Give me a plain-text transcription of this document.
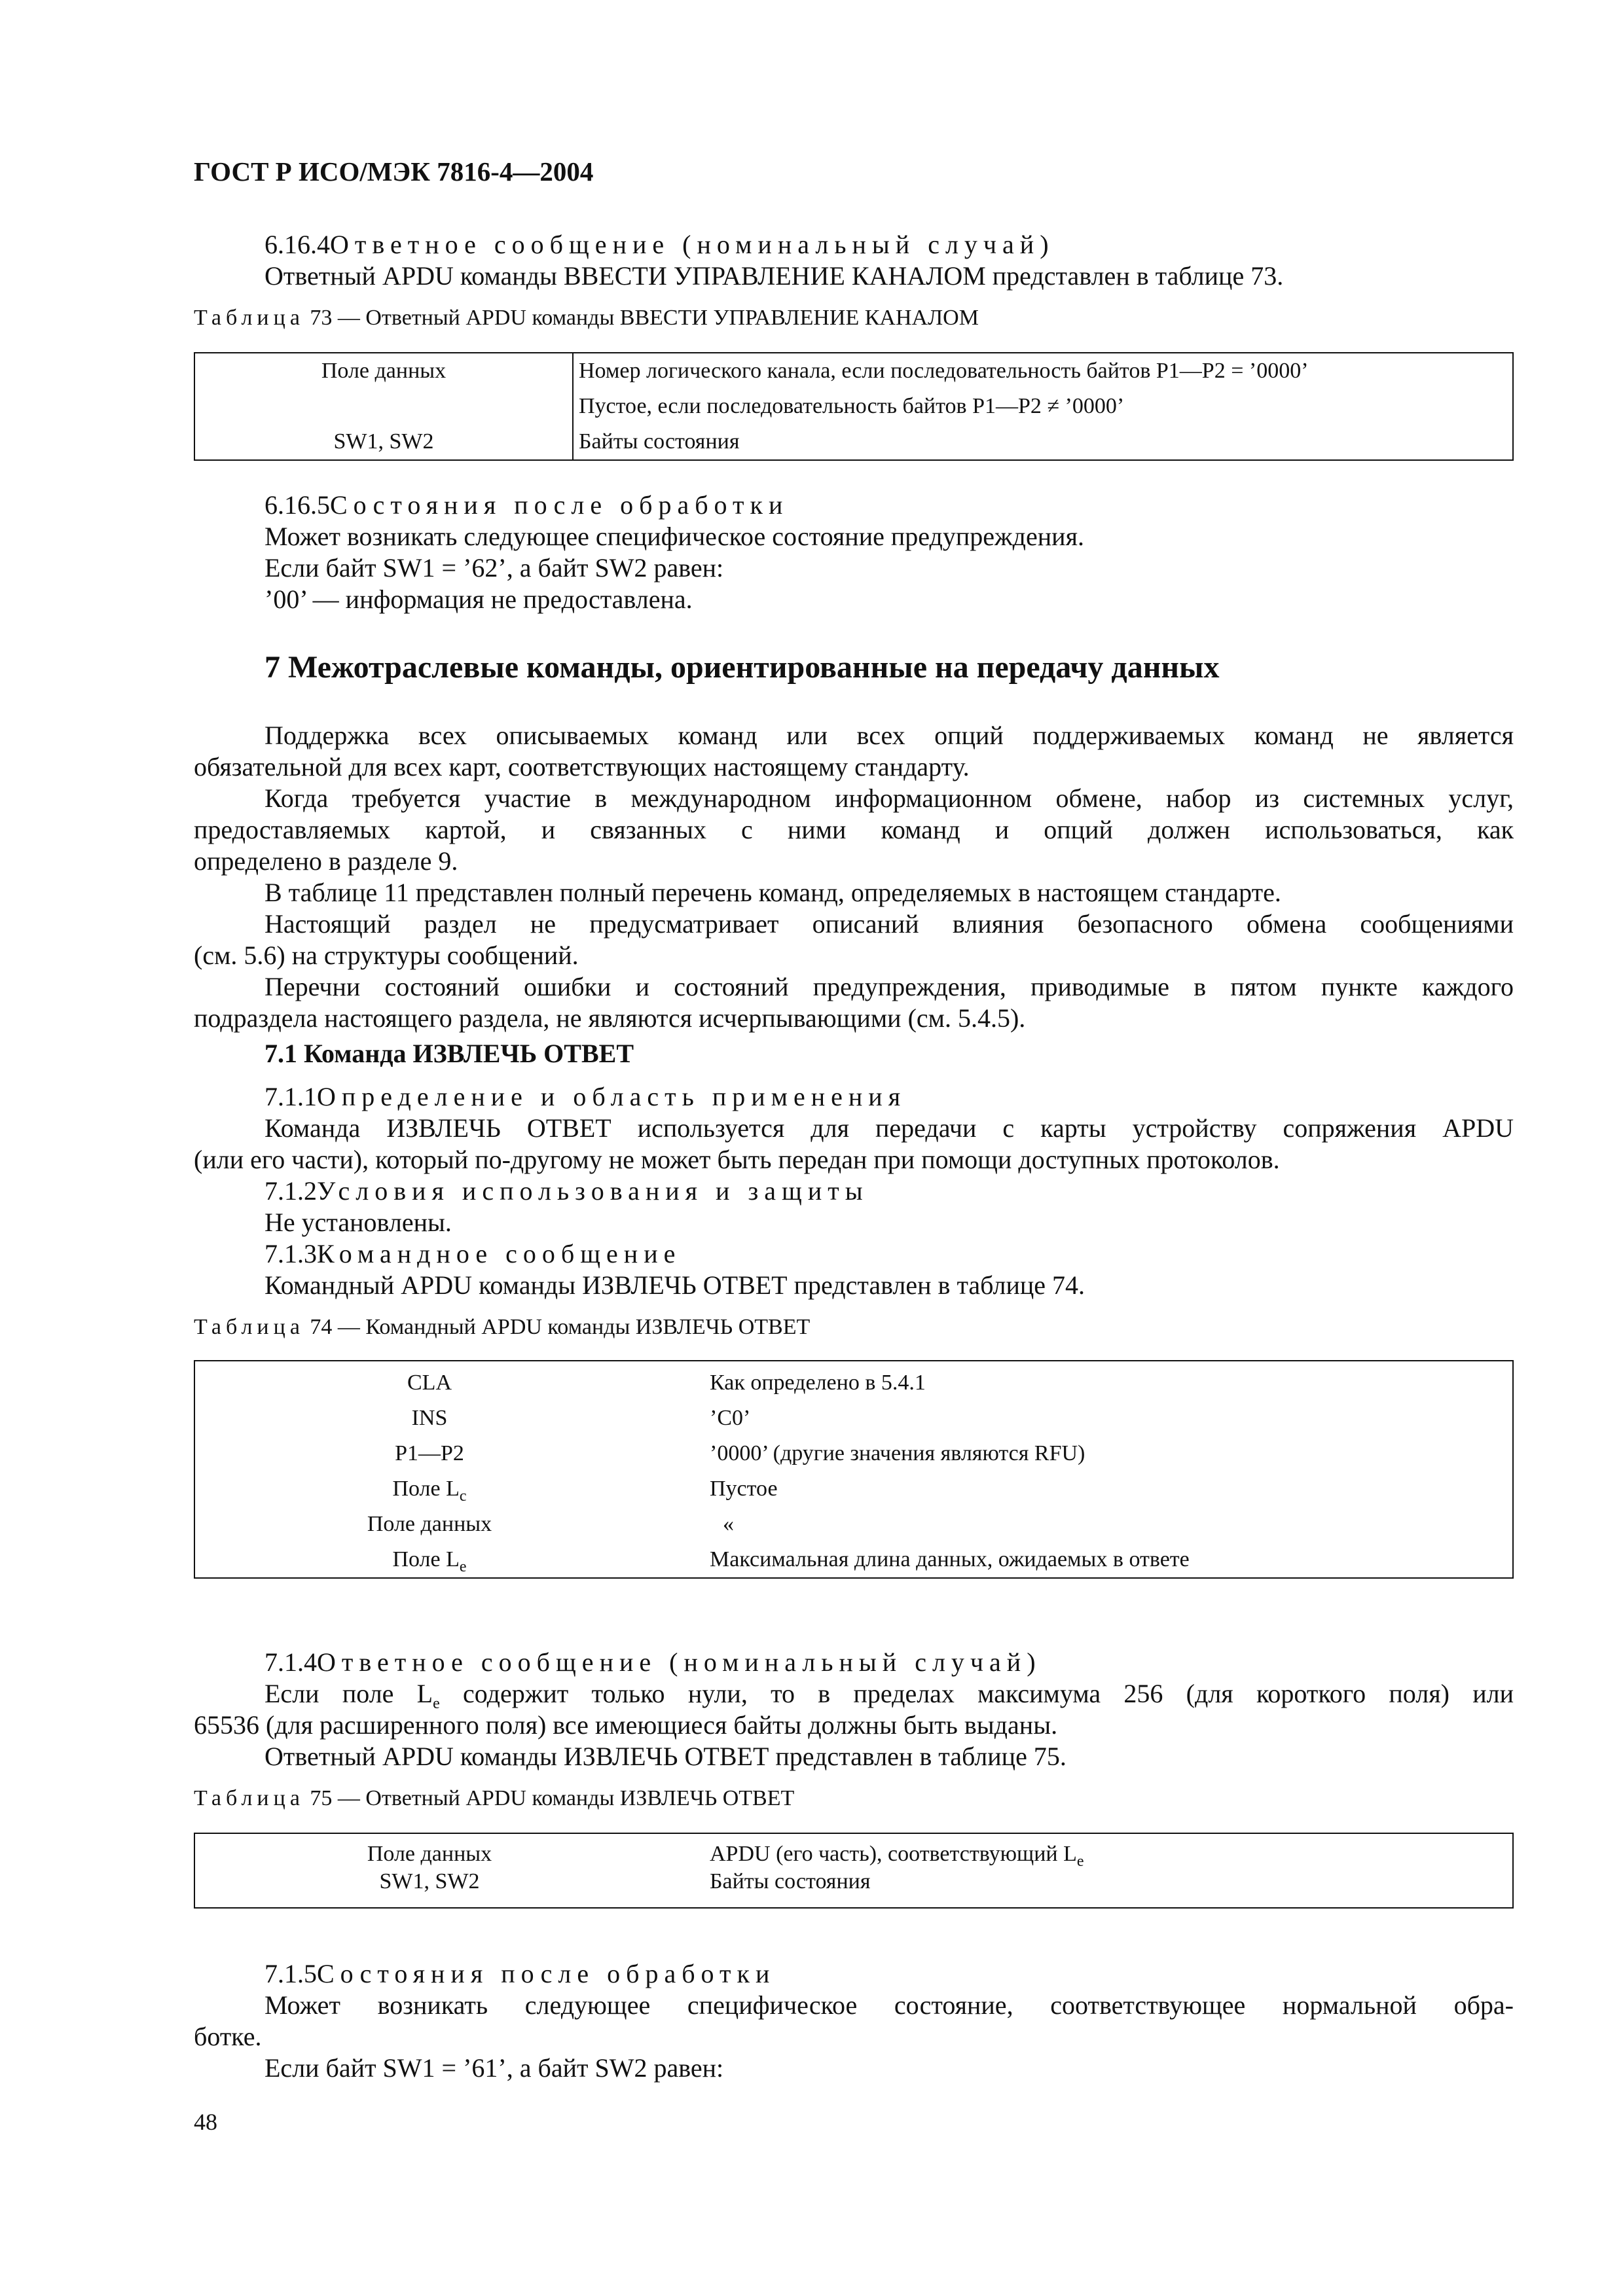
ГОСТ Р ИСО/МЭК 7816-4—2004
6.16.4Ответное сообщение (номинальный случай)
Ответный APDU команды ВВЕСТИ УПРАВЛЕНИЕ КАНАЛОМ представлен в таблице 73.
Таблица 73 — Ответный APDU команды ВВЕСТИ УПРАВЛЕНИЕ КАНАЛОМ
Поле данных	Номер логического канала, если последовательность байтов Р1—Р2 = ’0000’
	Пустое, если последовательность байтов Р1—Р2 ≠ ’0000’
SW1, SW2	Байты состояния
6.16.5Состояния после обработки
Может возникать следующее специфическое состояние предупреждения.
Если байт SW1 = ’62’, а байт SW2 равен:
’00’ — информация не предоставлена.
7 Межотраслевые команды, ориентированные на передачу данных
Поддержка всех описываемых команд или всех опций поддерживаемых команд не является
обязательной для всех карт, соответствующих настоящему стандарту.
Когда требуется участие в международном информационном обмене, набор из системных услуг,
предоставляемых картой, и связанных с ними команд и опций должен использоваться, как
определено в разделе 9.
В таблице 11 представлен полный перечень команд, определяемых в настоящем стандарте.
Настоящий раздел не предусматривает описаний влияния безопасного обмена сообщениями
(см. 5.6) на структуры сообщений.
Перечни состояний ошибки и состояний предупреждения, приводимые в пятом пункте каждого
подраздела настоящего раздела, не являются исчерпывающими (см. 5.4.5).
7.1 Команда ИЗВЛЕЧЬ ОТВЕТ
7.1.1Определение и область применения
Команда ИЗВЛЕЧЬ ОТВЕТ используется для передачи с карты устройству сопряжения APDU
(или его части), который по-другому не может быть передан при помощи доступных протоколов.
7.1.2Условия использования и защиты
Не установлены.
7.1.3Командное сообщение
Командный APDU команды ИЗВЛЕЧЬ ОТВЕТ представлен в таблице 74.
Таблица 74 — Командный APDU команды ИЗВЛЕЧЬ ОТВЕТ
CLA	Как определено в 5.4.1
INS	’C0’
P1—P2	’0000’ (другие значения являются RFU)
Поле $L_c$	Пустое
Поле данных	«
Поле $L_e$	Максимальная длина данных, ожидаемых в ответе
7.1.4Ответное сообщение (номинальный случай)
Если поле $L_e$ содержит только нули, то в пределах максимума 256 (для короткого поля) или
65536 (для расширенного поля) все имеющиеся байты должны быть выданы.
Ответный APDU команды ИЗВЛЕЧЬ ОТВЕТ представлен в таблице 75.
Таблица 75 — Ответный APDU команды ИЗВЛЕЧЬ ОТВЕТ
Поле данных	APDU (его часть), соответствующий $L_e$
SW1, SW2	Байты состояния
7.1.5Состояния после обработки
Может возникать следующее специфическое состояние, соответствующее нормальной обра-
ботке.
Если байт SW1 = ’61’, а байт SW2 равен:
48
